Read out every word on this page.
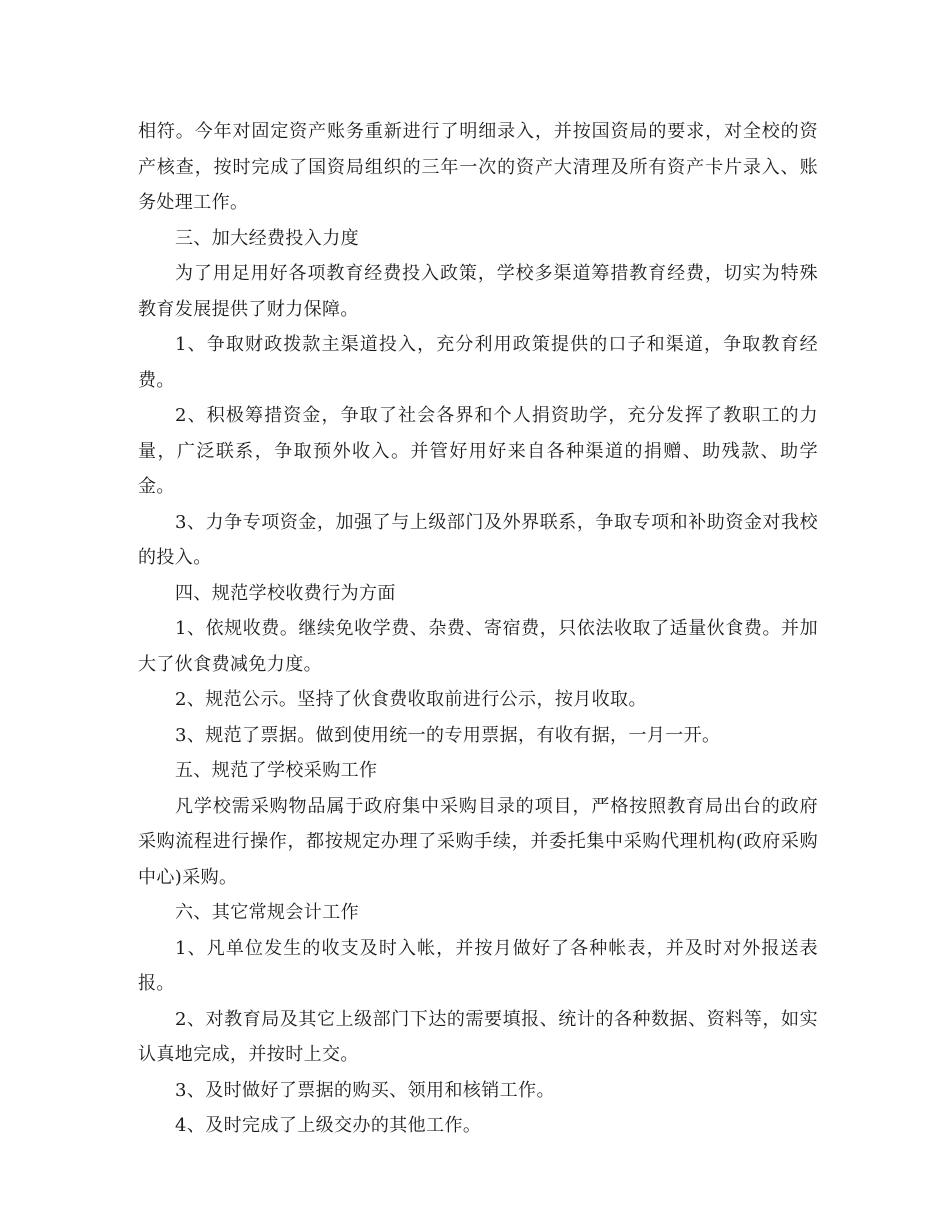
相符。今年对固定资产账务重新进行了明细录入，并按国资局的要求，对全校的资产核查，按时完成了国资局组织的三年一次的资产大清理及所有资产卡片录入、账务处理工作。

三、加大经费投入力度

为了用足用好各项教育经费投入政策，学校多渠道筹措教育经费，切实为特殊教育发展提供了财力保障。

1、争取财政拨款主渠道投入，充分利用政策提供的口子和渠道，争取教育经费。

2、积极筹措资金，争取了社会各界和个人捐资助学，充分发挥了教职工的力量，广泛联系，争取预外收入。并管好用好来自各种渠道的捐赠、助残款、助学金。

3、力争专项资金，加强了与上级部门及外界联系，争取专项和补助资金对我校的投入。

四、规范学校收费行为方面

1、依规收费。继续免收学费、杂费、寄宿费，只依法收取了适量伙食费。并加大了伙食费减免力度。

2、规范公示。坚持了伙食费收取前进行公示，按月收取。

3、规范了票据。做到使用统一的专用票据，有收有据，一月一开。

五、规范了学校采购工作

凡学校需采购物品属于政府集中采购目录的项目，严格按照教育局出台的政府采购流程进行操作，都按规定办理了采购手续，并委托集中采购代理机构(政府采购中心)采购。

六、其它常规会计工作

1、凡单位发生的收支及时入帐，并按月做好了各种帐表，并及时对外报送表报。

2、对教育局及其它上级部门下达的需要填报、统计的各种数据、资料等，如实认真地完成，并按时上交。

3、及时做好了票据的购买、领用和核销工作。

4、及时完成了上级交办的其他工作。
